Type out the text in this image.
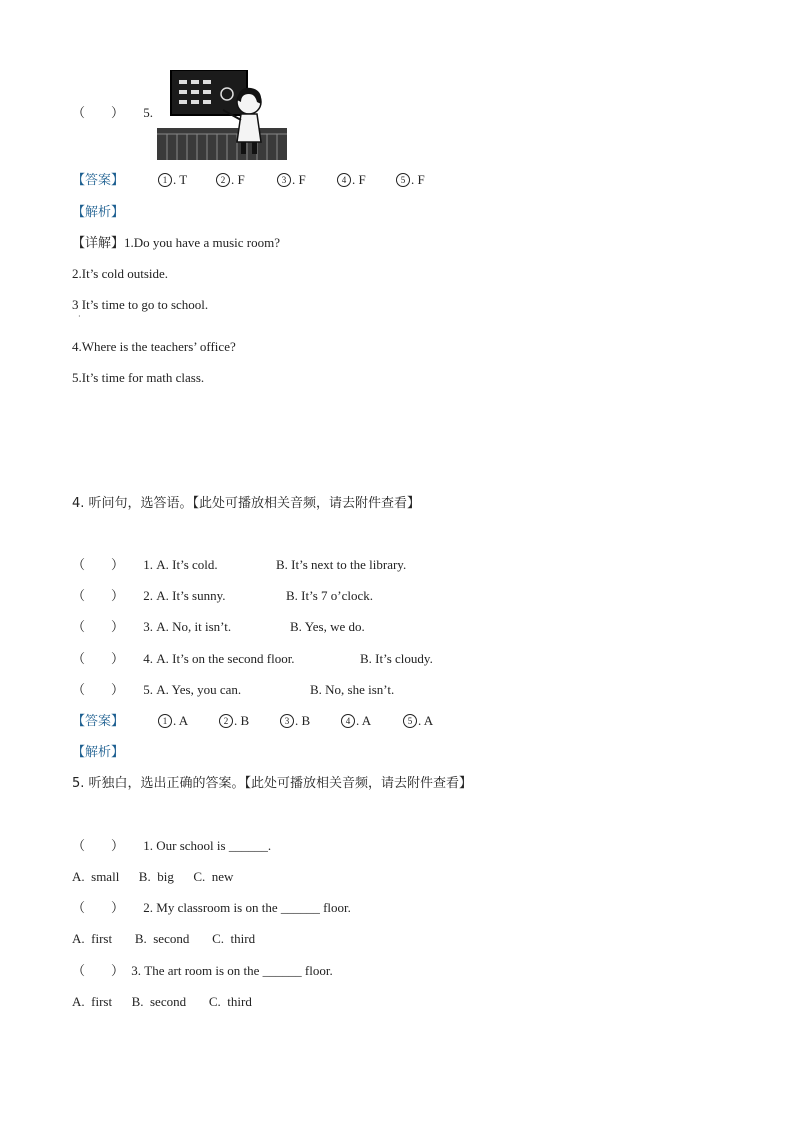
（　　） 5.
【答案】	1 . T	2 . F	3 . F	4 . F	5 . F
【解析】
【详解】1.Do you have a music room?
2.It’s cold outside.
3 It’s time to go to school.
·
4.Where is the teachers’ office?
5.It’s time for math class.
4. 听问句，选答语。【此处可播放相关音频，请去附件查看】
（　　） 1. A. It’s cold.	B. It’s next to the library.
（　　） 2. A. It’s sunny.	B. It’s 7 o’clock.
（　　） 3. A. No, it isn’t.	B. Yes, we do.
（　　） 4. A. It’s on the second floor.	B. It’s cloudy.
（　　） 5. A. Yes, you can.	B. No, she isn’t.
【答案】	1 . A	2 . B	3 . B	4 . A	5 . A
【解析】
5. 听独白，选出正确的答案。【此处可播放相关音频，请去附件查看】
（　　） 1. Our school is ______.
A.  small      B.  big      C.  new
（　　） 2. My classroom is on the ______ floor.
A.  first       B.  second       C.  third
（　　） 3. The art room is on the ______ floor.
A.  first      B.  second       C.  third
